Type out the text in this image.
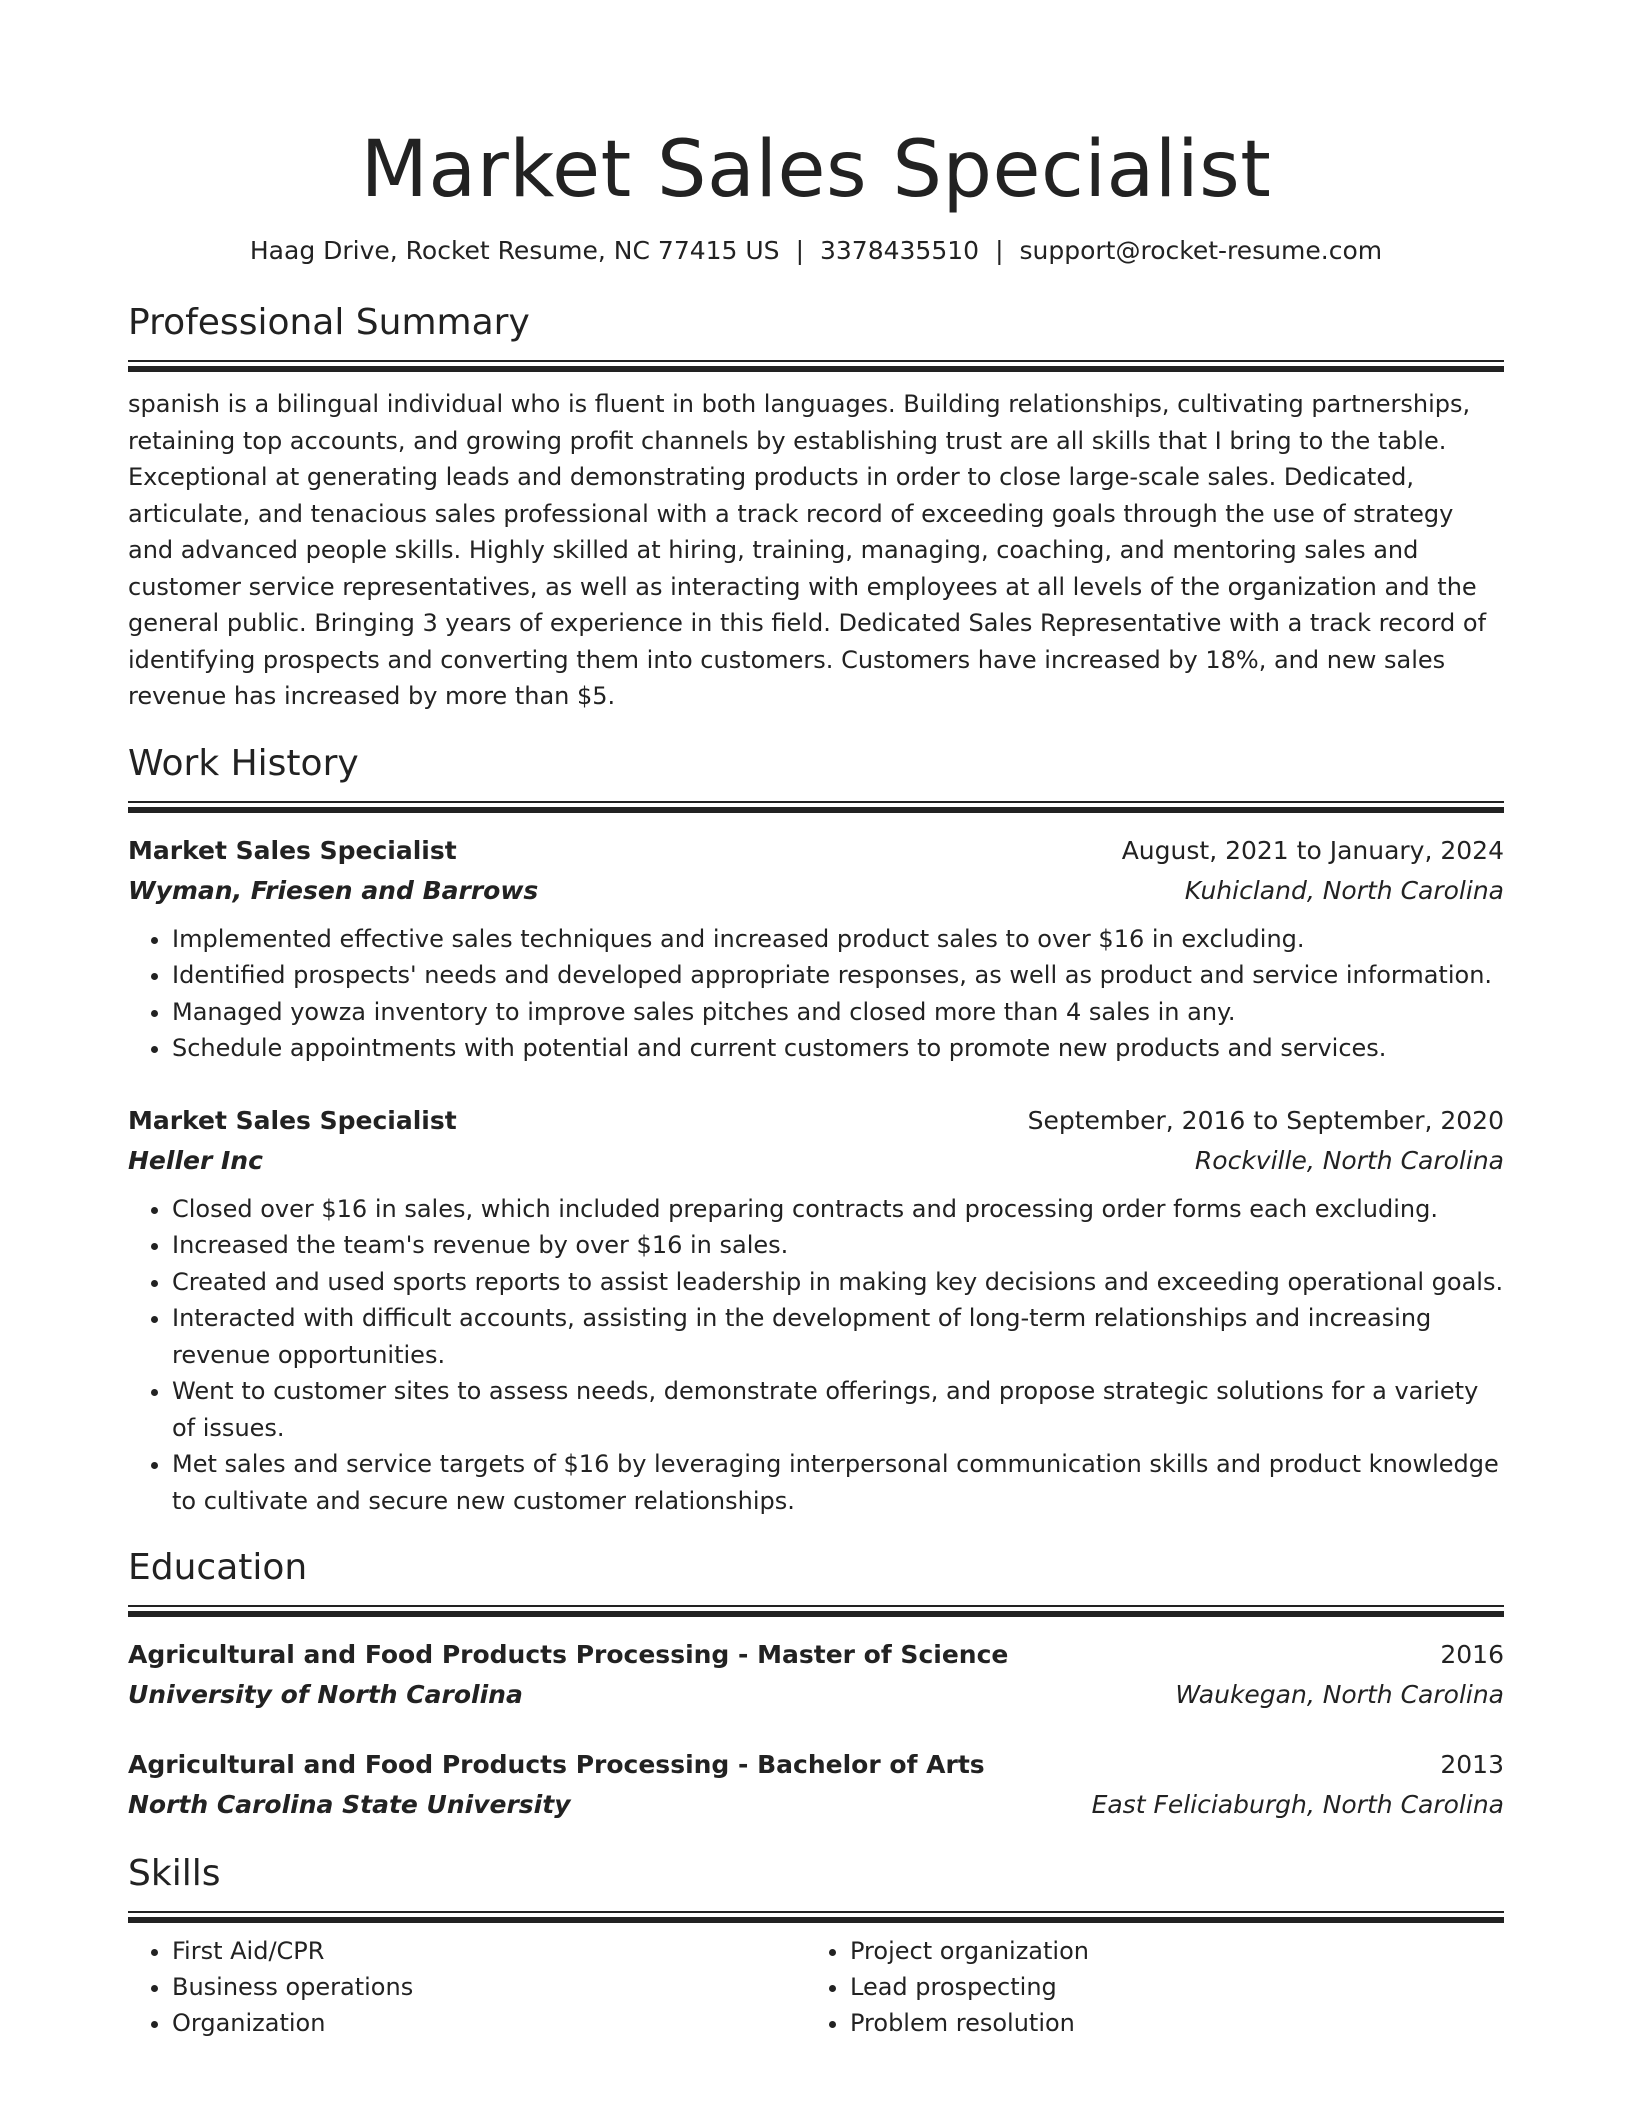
Market Sales Specialist
Haag Drive, Rocket Resume, NC 77415 US | 3378435510 | support@rocket-resume.com
Professional Summary
spanish is a bilingual individual who is fluent in both languages. Building relationships, cultivating partnerships, retaining top accounts, and growing profit channels by establishing trust are all skills that I bring to the table. Exceptional at generating leads and demonstrating products in order to close large-scale sales. Dedicated, articulate, and tenacious sales professional with a track record of exceeding goals through the use of strategy and advanced people skills. Highly skilled at hiring, training, managing, coaching, and mentoring sales and customer service representatives, as well as interacting with employees at all levels of the organization and the general public. Bringing 3 years of experience in this field. Dedicated Sales Representative with a track record of identifying prospects and converting them into customers. Customers have increased by 18%, and new sales revenue has increased by more than $5.
Work History
Market Sales Specialist	August, 2021 to January, 2024
Wyman, Friesen and Barrows	Kuhicland, North Carolina
• Implemented effective sales techniques and increased product sales to over $16 in excluding.
• Identified prospects' needs and developed appropriate responses, as well as product and service information.
• Managed yowza inventory to improve sales pitches and closed more than 4 sales in any.
• Schedule appointments with potential and current customers to promote new products and services.
Market Sales Specialist	September, 2016 to September, 2020
Heller Inc	Rockville, North Carolina
• Closed over $16 in sales, which included preparing contracts and processing order forms each excluding.
• Increased the team's revenue by over $16 in sales.
• Created and used sports reports to assist leadership in making key decisions and exceeding operational goals.
• Interacted with difficult accounts, assisting in the development of long-term relationships and increasing revenue opportunities.
• Went to customer sites to assess needs, demonstrate offerings, and propose strategic solutions for a variety of issues.
• Met sales and service targets of $16 by leveraging interpersonal communication skills and product knowledge to cultivate and secure new customer relationships.
Education
Agricultural and Food Products Processing - Master of Science	2016
University of North Carolina	Waukegan, North Carolina
Agricultural and Food Products Processing - Bachelor of Arts	2013
North Carolina State University	East Feliciaburgh, North Carolina
Skills
• First Aid/CPR
• Business operations
• Organization
• Project organization
• Lead prospecting
• Problem resolution
